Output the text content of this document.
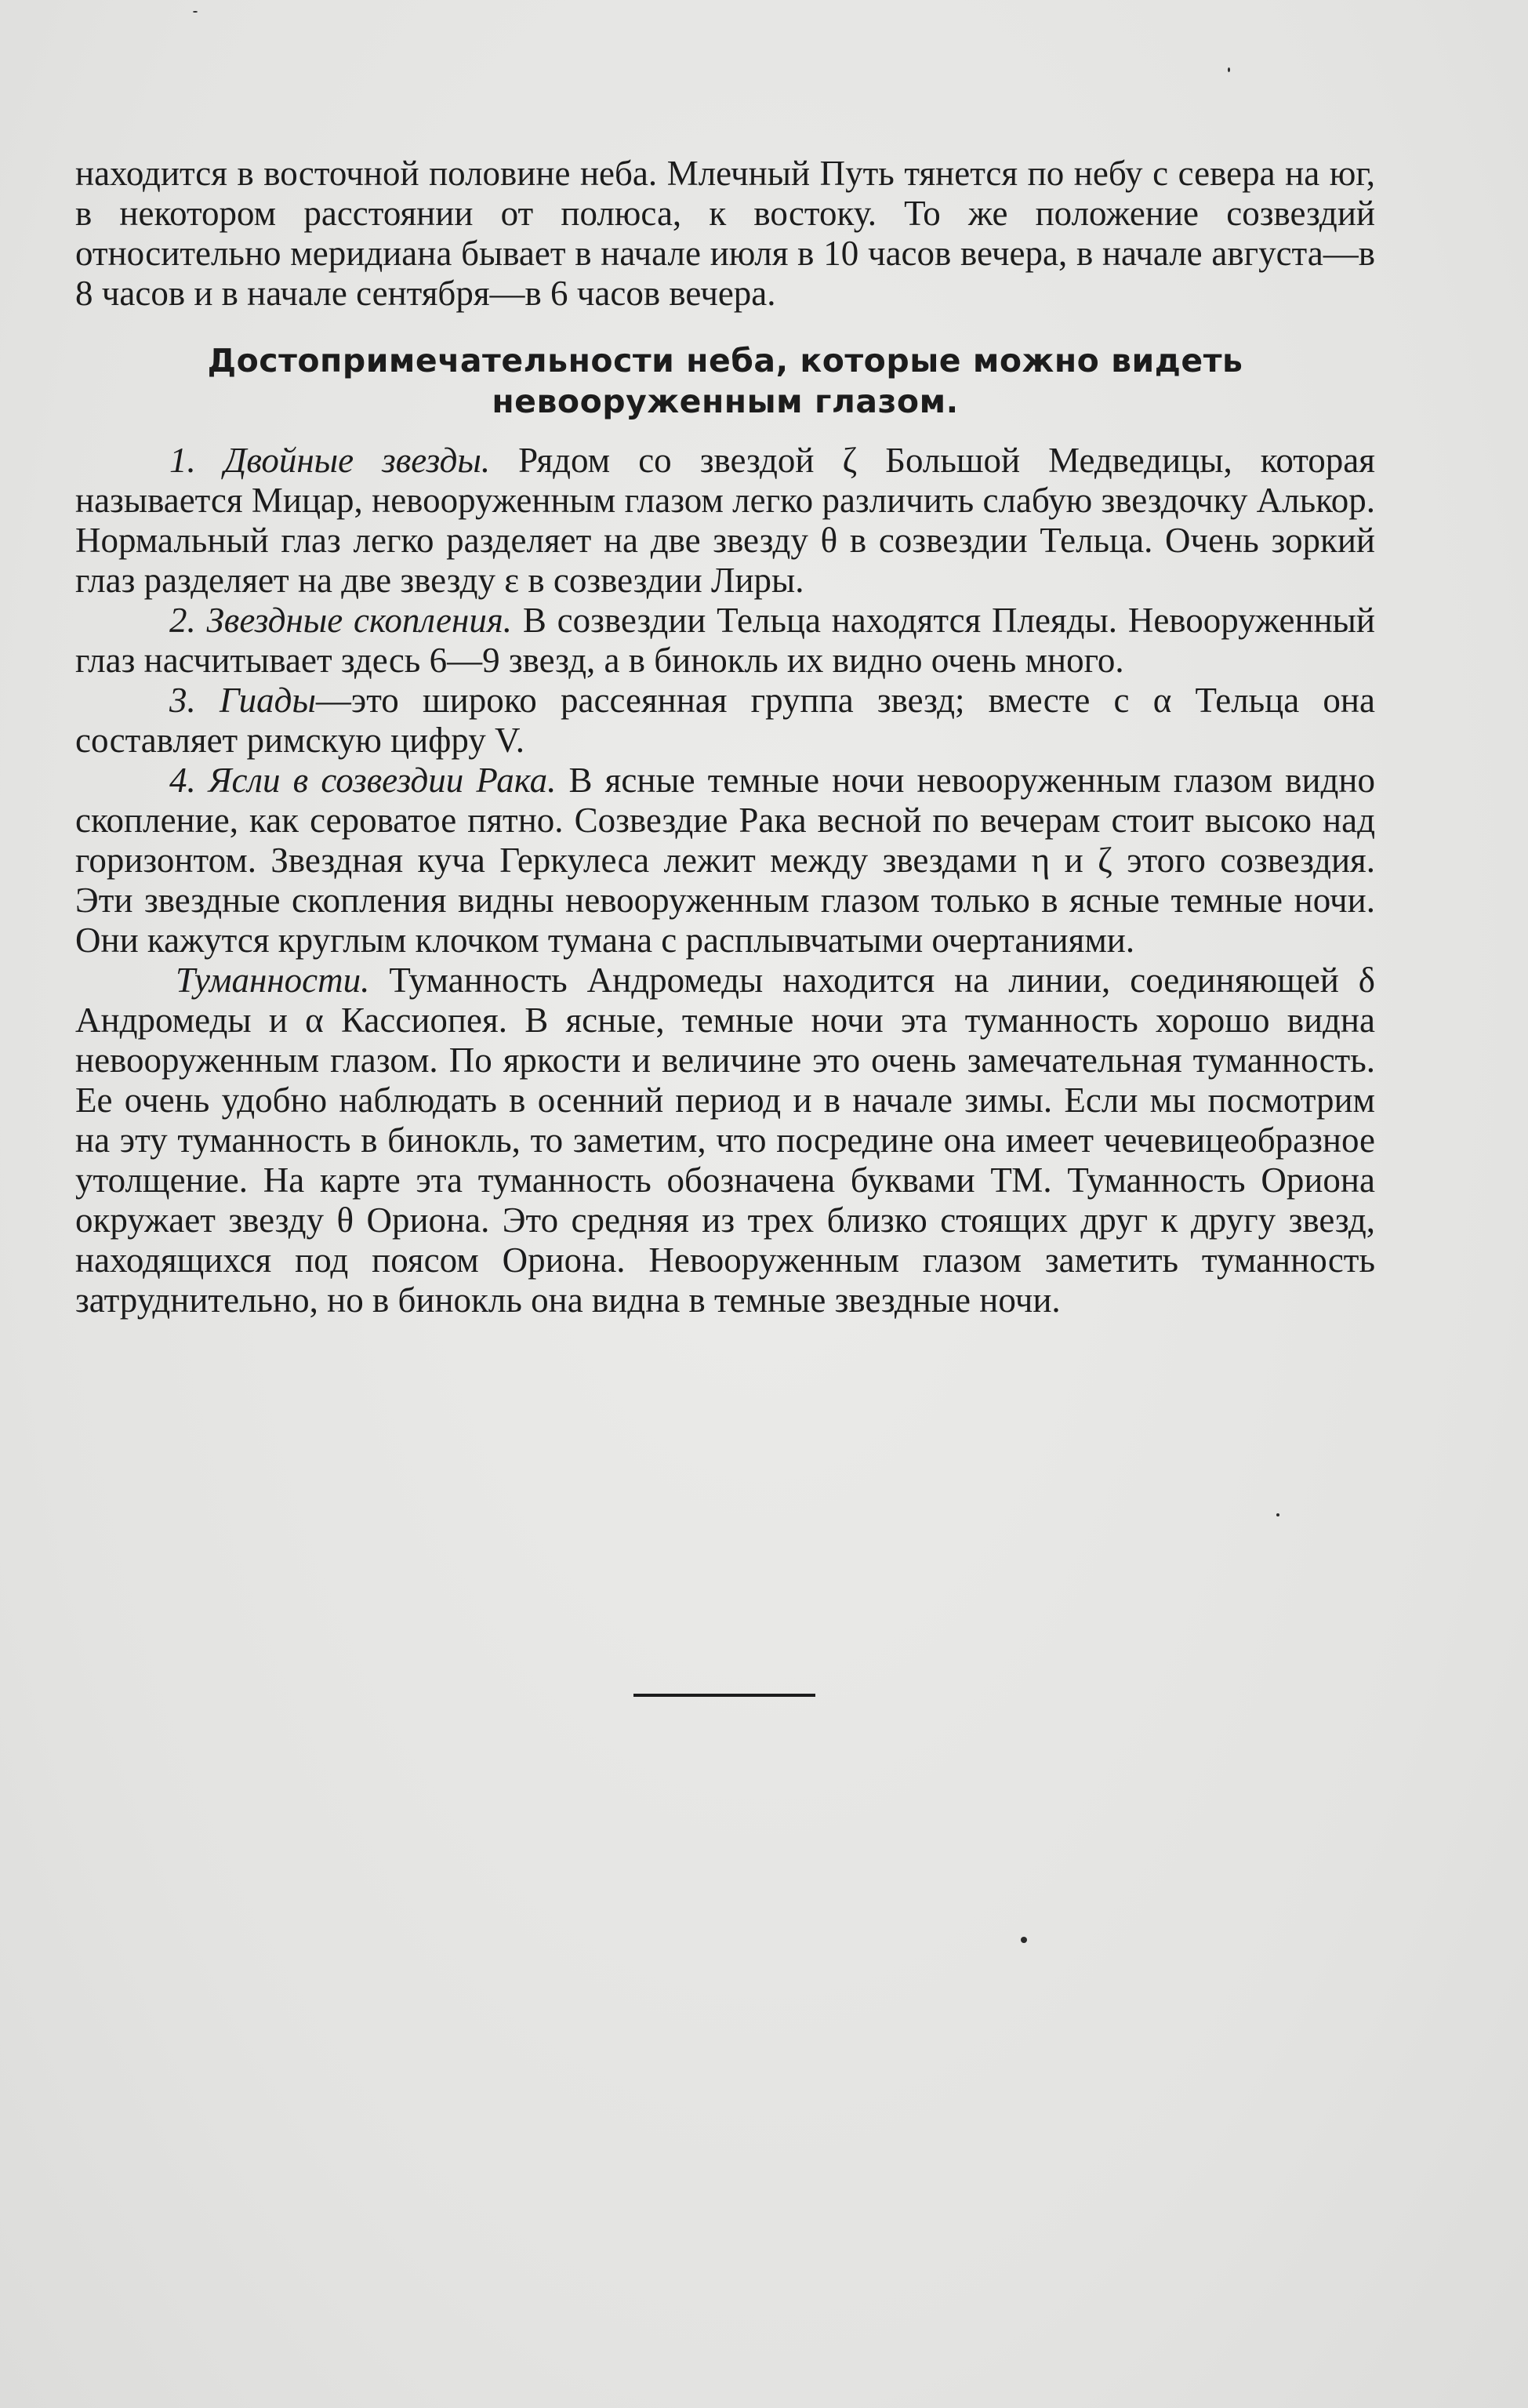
находится в восточной половине неба. Млечный Путь тянется по небу с севера на юг, в некотором расстоянии от полюса, к востоку. То же положение созвездий относительно меридиана бывает в начале июля в 10 часов вечера, в начале августа—в 8 часов и в начале сентября—в 6 часов вечера.

Достопримечательности неба, которые можно видеть
невооруженным глазом.

1. Двойные звезды. Рядом со звездой ζ Большой Медведицы, которая называется Мицар, невооруженным глазом легко различить слабую звездочку Алькор. Нормальный глаз легко разделяет на две звезду θ в созвездии Тельца. Очень зоркий глаз разделяет на две звезду ε в созвездии Лиры.

2. Звездные скопления. В созвездии Тельца находятся Плеяды. Невооруженный глаз насчитывает здесь 6—9 звезд, а в бинокль их видно очень много.

3. Гиады—это широко рассеянная группа звезд; вместе с α Тельца она составляет римскую цифру V.

4. Ясли в созвездии Рака. В ясные темные ночи невооруженным глазом видно скопление, как сероватое пятно. Созвездие Рака весной по вечерам стоит высоко над горизонтом. Звездная куча Геркулеса лежит между звездами η и ζ этого созвездия. Эти звездные скопления видны невооруженным глазом только в ясные темные ночи. Они кажутся круглым клочком тумана с расплывчатыми очертаниями.

Туманности. Туманность Андромеды находится на линии, соединяющей δ Андромеды и α Кассиопея. В ясные, темные ночи эта туманность хорошо видна невооруженным глазом. По яркости и величине это очень замечательная туманность. Ее очень удобно наблюдать в осенний период и в начале зимы. Если мы посмотрим на эту туманность в бинокль, то заметим, что посредине она имеет чечевицеобразное утолщение. На карте эта туманность обозначена буквами ТМ. Туманность Ориона окружает звезду θ Ориона. Это средняя из трех близко стоящих друг к другу звезд, находящихся под поясом Ориона. Невооруженным глазом заметить туманность затруднительно, но в бинокль она видна в темные звездные ночи.
